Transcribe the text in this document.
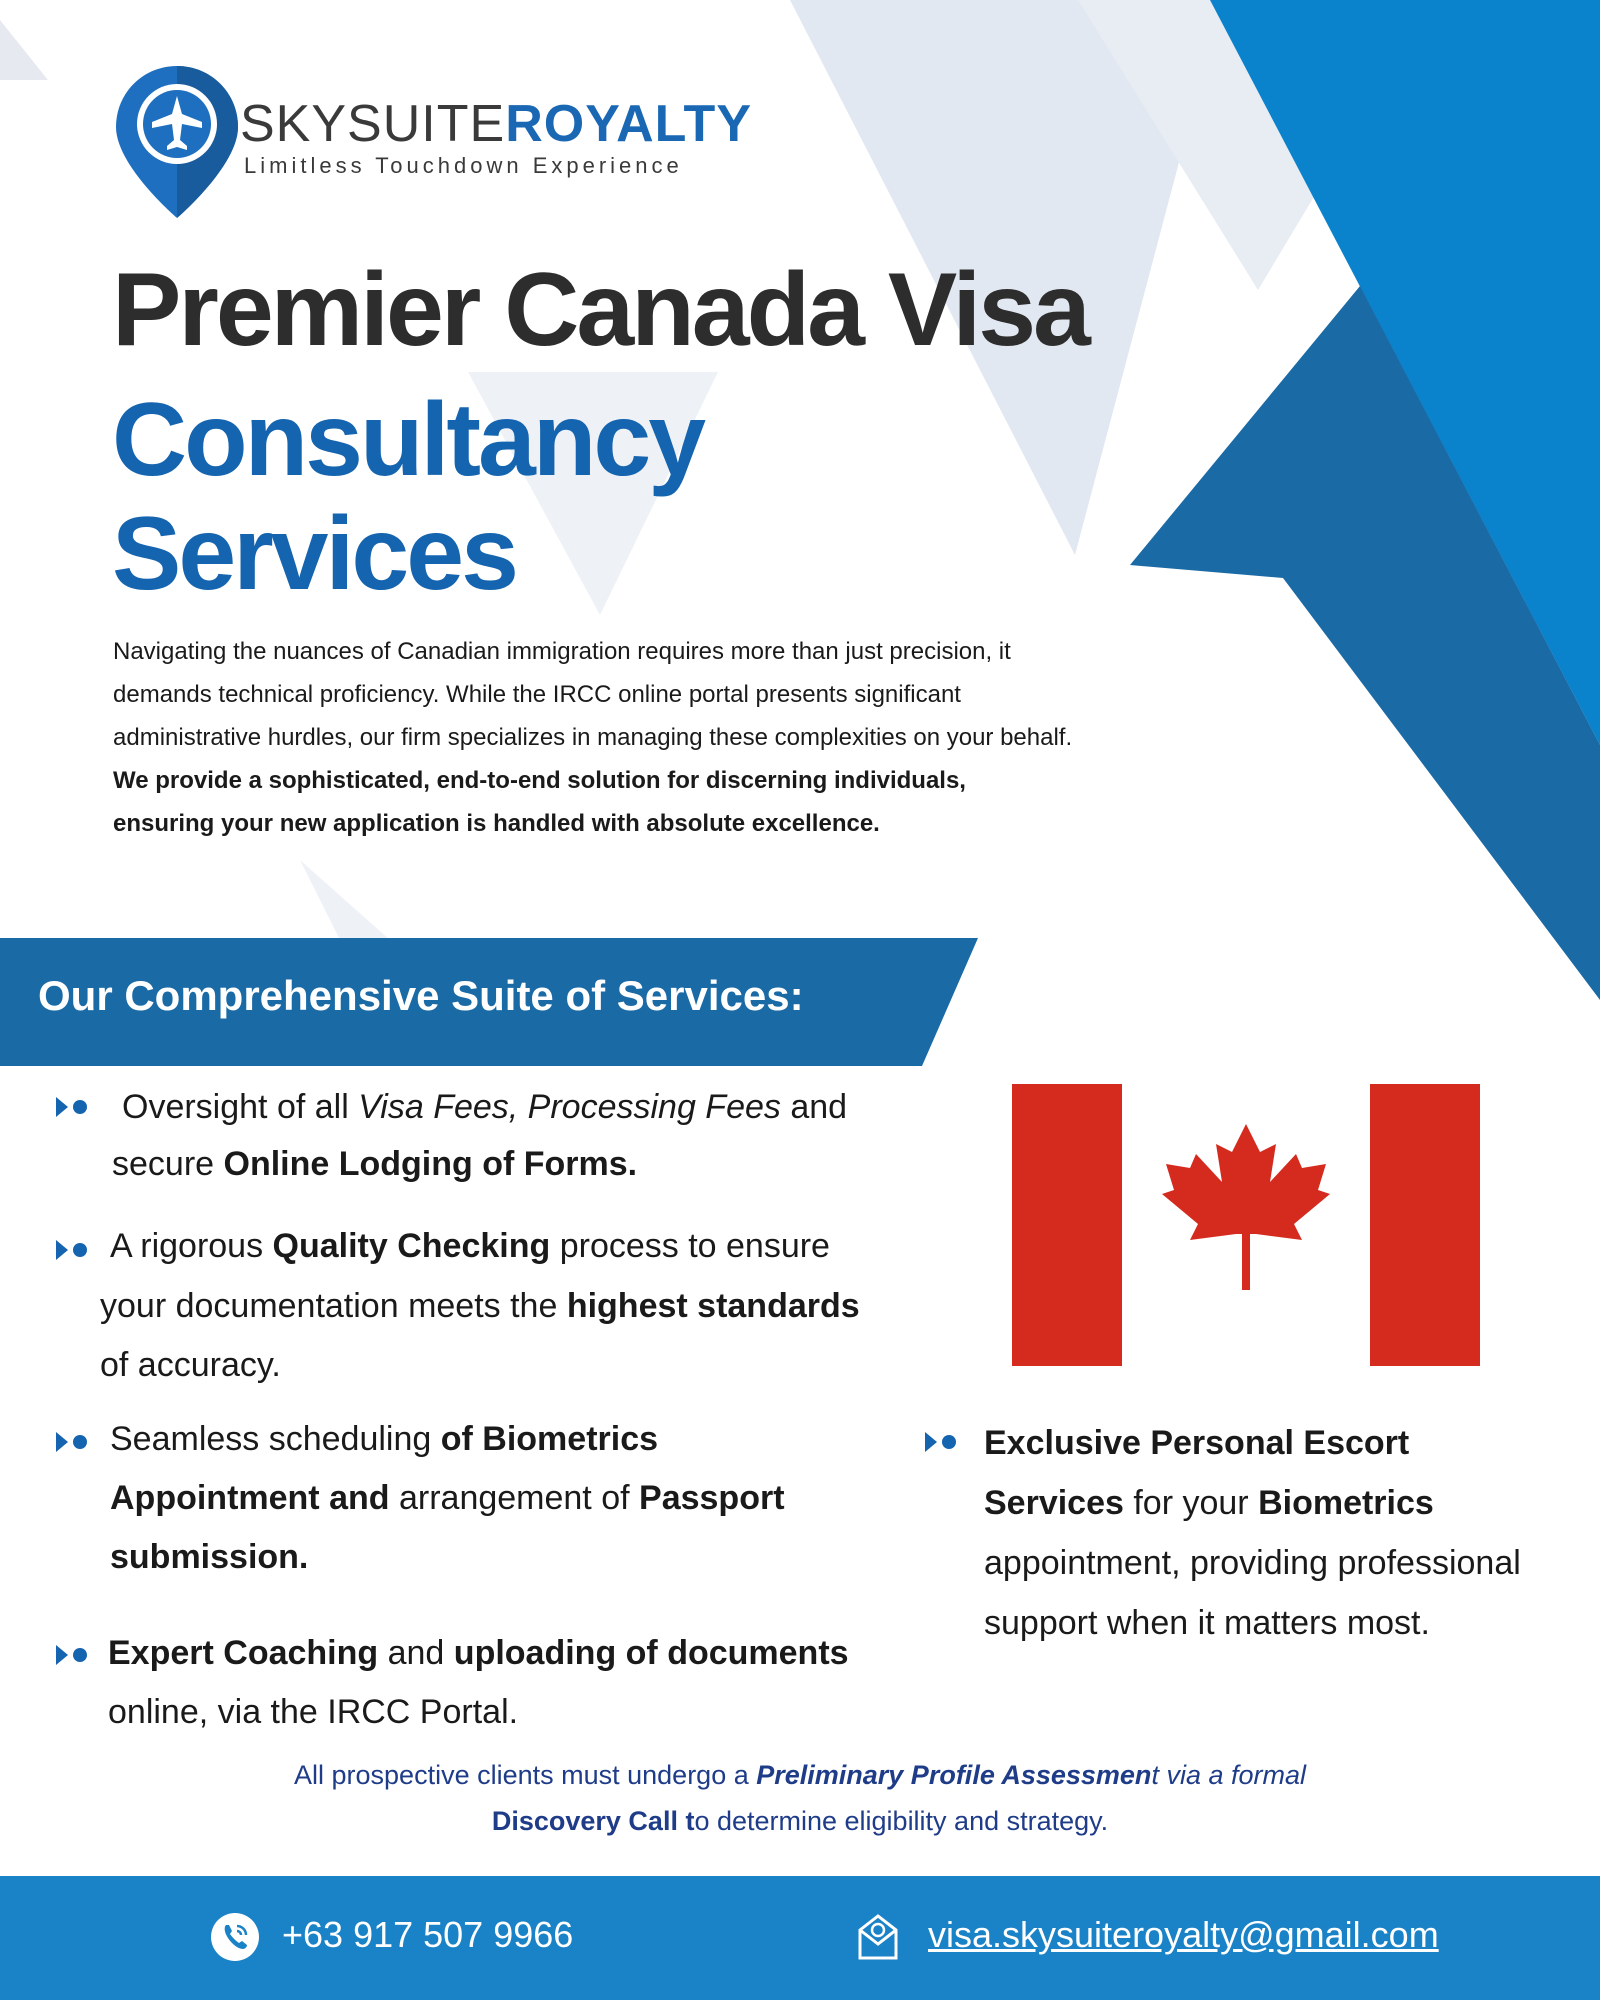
SKYSUITEROYALTY
Limitless Touchdown Experience
Premier Canada Visa
Consultancy
Services
Navigating the nuances of Canadian immigration requires more than just precision, it demands technical proficiency. While the IRCC online portal presents significant administrative hurdles, our firm specializes in managing these complexities on your behalf. We provide a sophisticated, end-to-end solution for discerning individuals, ensuring your new application is handled with absolute excellence.
Our Comprehensive Suite of Services:
Oversight of all Visa Fees, Processing Fees and
secure Online Lodging of Forms.
A rigorous Quality Checking process to ensure
your documentation meets the highest standards
of accuracy.
Seamless scheduling of Biometrics
Appointment and arrangement of Passport
submission.
Expert Coaching and uploading of documents
online, via the IRCC Portal.
Exclusive Personal Escort
Services for your Biometrics
appointment, providing professional
support when it matters most.
All prospective clients must undergo a Preliminary Profile Assessment via a formal
Discovery Call to determine eligibility and strategy.
+63 917 507 9966	visa.skysuiteroyalty@gmail.com
